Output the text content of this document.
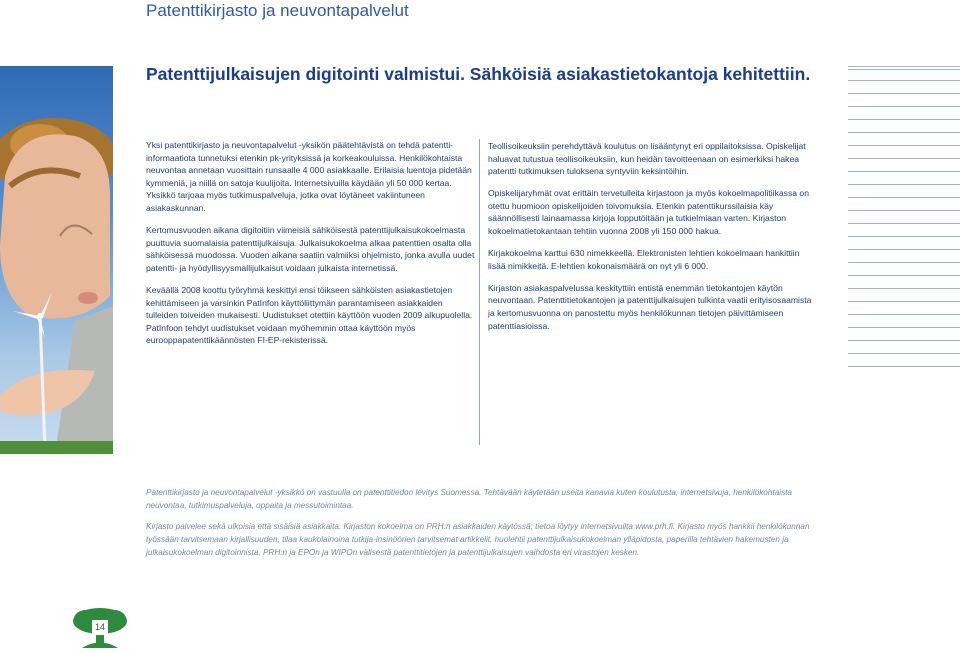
Patenttikirjasto ja neuvontapalvelut
Patenttijulkaisujen digitointi valmistui. Sähköisiä asiakastietokantoja kehitettiin.

Yksi patenttikirjasto ja neuvontapalvelut -yksikön päätehtävistä on tehdä patentti-informaatiota tunnetuksi etenkin pk-yrityksissä ja korkeakouluissa. Henkilökohtaista neuvontaa annetaan vuosittain runsaalle 4 000 asiakkaalle. Erilaisia luentoja pidetään kymmeniä, ja niillä on satoja kuulijoita. Internetsivuilla käydään yli 50 000 kertaa. Yksikkö tarjoaa myös tutkimuspalveluja, jotka ovat löytäneet vakiintuneen asiakaskunnan.

Kertomusvuoden aikana digitoitiin viimeisiä sähköisestä patenttijulkaisukokoelmasta puuttuvia suomalaisia patenttijulkaisuja. Julkaisukokoelma alkaa patenttien osalta olla sähköisessä muodossa. Vuoden aikana saatiin valmiiksi ohjelmisto, jonka avulla uudet patentti- ja hyödyllisyysmallijulkaisut voidaan julkaista internetissä.

Keväällä 2008 koottu työryhmä keskittyi ensi töikseen sähköisten asiakastietojen kehittämiseen ja varsinkin PatInfon käyttöliittymän parantamiseen asiakkaiden tulleiden toiveiden mukaisesti. Uudistukset otettiin käyttöön vuoden 2009 alkupuolella. PatInfoon tehdyt uudistukset voidaan myöhemmin ottaa käyttöön myös eurooppapatenttikäännösten FI-EP-rekisterissä.

Teollisoikeuksiin perehdyttävä koulutus on lisääntynyt eri oppilaitoksissa. Opiskelijat haluavat tutustua teollisoikeuksiin, kun heidän tavoitteenaan on esimerkiksi hakea patentti tutkimuksen tuloksena syntyviin keksintöihin.

Opiskelijaryhmät ovat erittäin tervetulleita kirjastoon ja myös kokoelmapolitiikassa on otettu huomioon opiskelijoiden toivomuksia. Etenkin patenttikurssilaisia käy säännöllisesti lainaamassa kirjoja lopputöitään ja tutkielmiaan varten. Kirjaston kokoelmatietokantaan tehtiin vuonna 2008 yli 150 000 hakua.

Kirjakokoelma karttui 630 nimekkeellä. Elektronisten lehtien kokoelmaan hankittiin lisää nimikkeitä. E-lehtien kokonaismäärä on nyt yli 6 000.

Kirjaston asiakaspalvelussa keskityttiin entistä enemmän tietokantojen käytön neuvontaan. Patenttitietokantojen ja patenttijulkaisujen tulkinta vaatii erityisosaamista ja kertomusvuonna on panostettu myös henkilökunnan tietojen päivittämiseen patenttiasioissa.

Patenttikirjasto ja neuvontapalvelut -yksikkö on vastuulla on patenttitiedon levitys Suomessa. Tehtävään käytetään useita kanavia kuten koulutusta, internetsivuja, henkilökohtaista neuvontaa, tutkimuspalveluja, oppaita ja messutoimintaa.
Kirjasto palvelee sekä ulkoisia että sisäisiä asiakkaita. Kirjaston kokoelma on PRH:n asiakkaiden käytössä; tietoa löytyy internetsivuilta www.prh.fi. Kirjasto myös hankkii henkilökunnan työssään tarvitsemaan kirjallisuuden, tilaa kaukolainoina tutkija-insinöörien tarvitsemat artikkelit, huolehtii patenttijulkaisukokoelman ylläpidosta, paperilla tehtävien hakemusten ja julkaisukokoelman digitoinnista, PRH:n ja EPOn ja WIPOn välisestä patenttitietojen ja patenttijulkaisujen vaihdosta eri virastojen kesken.
14
